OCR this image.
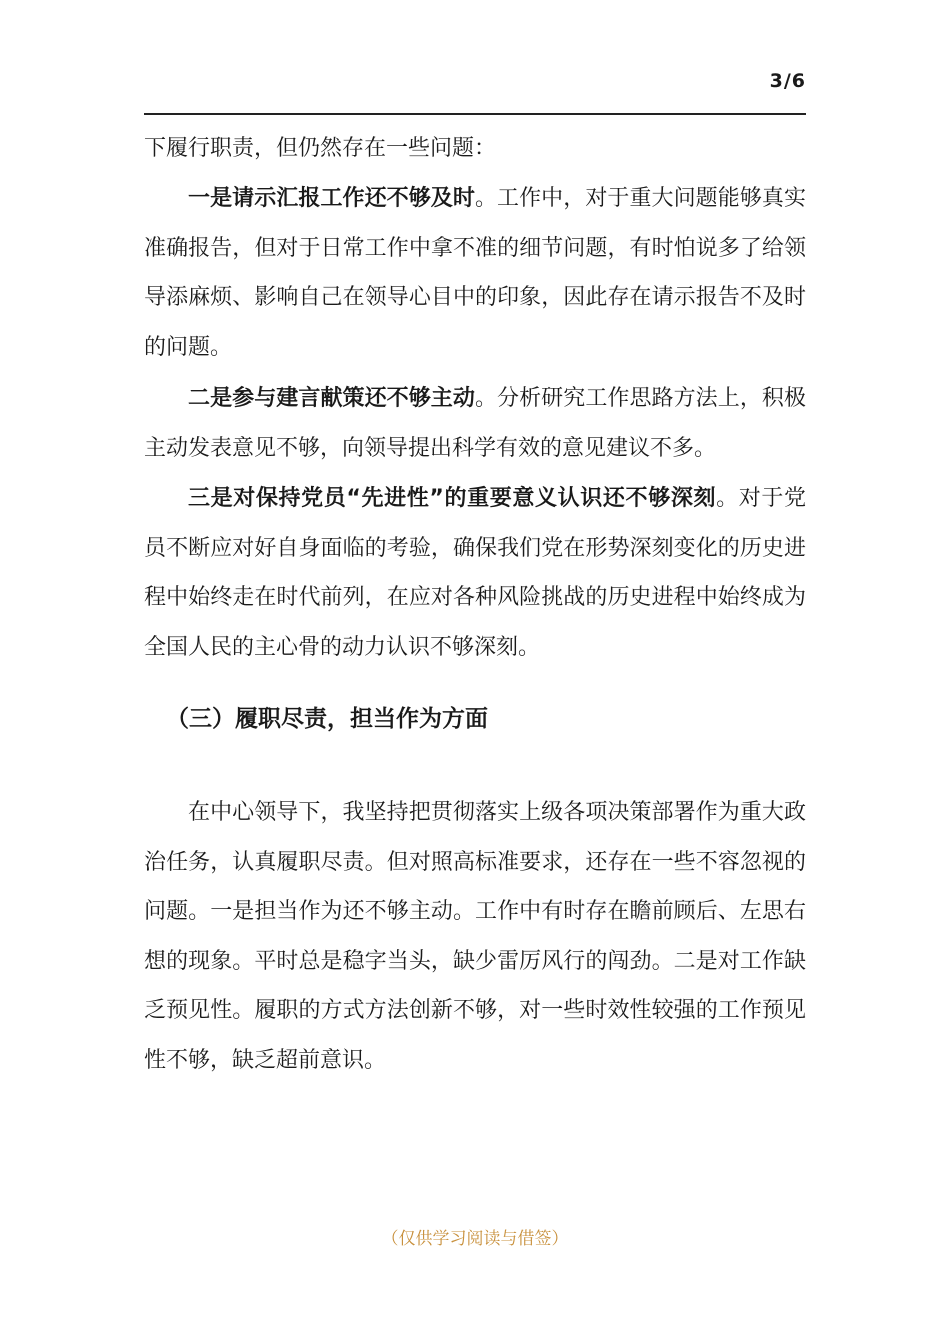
3/6

下履行职责，但仍然存在一些问题：

一是请示汇报工作还不够及时。工作中，对于重大问题能够真实准确报告，但对于日常工作中拿不准的细节问题，有时怕说多了给领导添麻烦、影响自己在领导心目中的印象，因此存在请示报告不及时的问题。

二是参与建言献策还不够主动。分析研究工作思路方法上，积极主动发表意见不够，向领导提出科学有效的意见建议不多。

三是对保持党员“先进性”的重要意义认识还不够深刻。对于党员不断应对好自身面临的考验，确保我们党在形势深刻变化的历史进程中始终走在时代前列，在应对各种风险挑战的历史进程中始终成为全国人民的主心骨的动力认识不够深刻。

（三）履职尽责，担当作为方面

在中心领导下，我坚持把贯彻落实上级各项决策部署作为重大政治任务，认真履职尽责。但对照高标准要求，还存在一些不容忽视的问题。一是担当作为还不够主动。工作中有时存在瞻前顾后、左思右想的现象。平时总是稳字当头，缺少雷厉风行的闯劲。二是对工作缺乏预见性。履职的方式方法创新不够，对一些时效性较强的工作预见性不够，缺乏超前意识。

（仅供学习阅读与借签）
